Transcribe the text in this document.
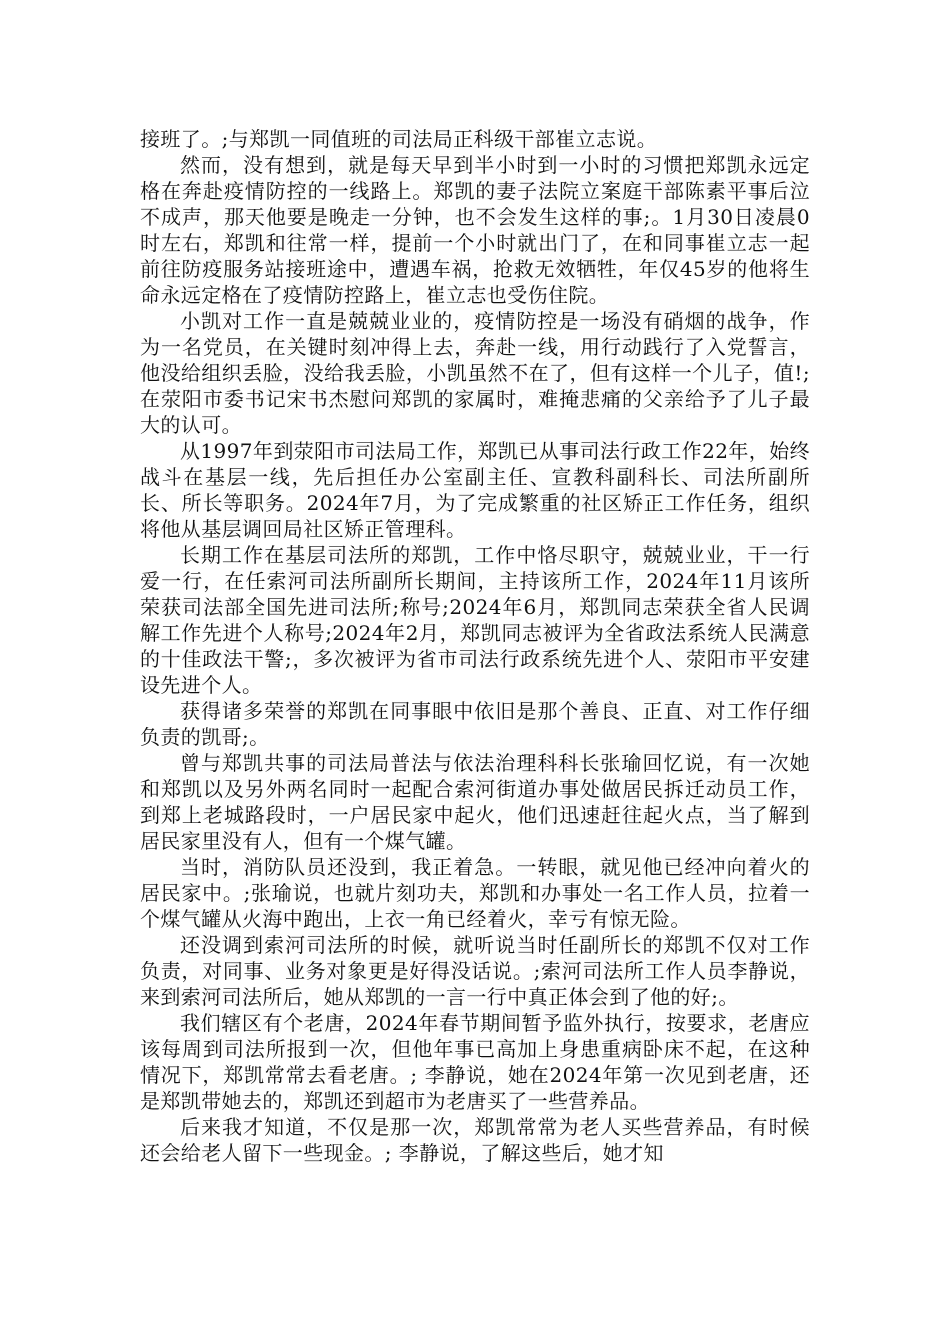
接班了。;与郑凯一同值班的司法局正科级干部崔立志说。

然而，没有想到，就是每天早到半小时到一小时的习惯把郑凯永远定格在奔赴疫情防控的一线路上。郑凯的妻子法院立案庭干部陈素平事后泣不成声，那天他要是晚走一分钟，也不会发生这样的事;。1月30日凌晨0时左右，郑凯和往常一样，提前一个小时就出门了，在和同事崔立志一起前往防疫服务站接班途中，遭遇车祸，抢救无效牺牲，年仅45岁的他将生命永远定格在了疫情防控路上，崔立志也受伤住院。

小凯对工作一直是兢兢业业的，疫情防控是一场没有硝烟的战争，作为一名党员，在关键时刻冲得上去，奔赴一线，用行动践行了入党誓言，他没给组织丢脸，没给我丢脸，小凯虽然不在了，但有这样一个儿子，值!;在荥阳市委书记宋书杰慰问郑凯的家属时，难掩悲痛的父亲给予了儿子最大的认可。

从1997年到荥阳市司法局工作，郑凯已从事司法行政工作22年，始终战斗在基层一线，先后担任办公室副主任、宣教科副科长、司法所副所长、所长等职务。2024年7月，为了完成繁重的社区矫正工作任务，组织将他从基层调回局社区矫正管理科。

长期工作在基层司法所的郑凯，工作中恪尽职守，兢兢业业，干一行爱一行，在任索河司法所副所长期间，主持该所工作，2024年11月该所荣获司法部全国先进司法所;称号;2024年6月，郑凯同志荣获全省人民调解工作先进个人称号;2024年2月，郑凯同志被评为全省政法系统人民满意的十佳政法干警;，多次被评为省市司法行政系统先进个人、荥阳市平安建设先进个人。

获得诸多荣誉的郑凯在同事眼中依旧是那个善良、正直、对工作仔细负责的凯哥;。

曾与郑凯共事的司法局普法与依法治理科科长张瑜回忆说，有一次她和郑凯以及另外两名同时一起配合索河街道办事处做居民拆迁动员工作，到郑上老城路段时，一户居民家中起火，他们迅速赶往起火点，当了解到居民家里没有人，但有一个煤气罐。

当时，消防队员还没到，我正着急。一转眼，就见他已经冲向着火的居民家中。;张瑜说，也就片刻功夫，郑凯和办事处一名工作人员，拉着一个煤气罐从火海中跑出，上衣一角已经着火，幸亏有惊无险。

还没调到索河司法所的时候，就听说当时任副所长的郑凯不仅对工作负责，对同事、业务对象更是好得没话说。;索河司法所工作人员李静说，来到索河司法所后，她从郑凯的一言一行中真正体会到了他的好;。

我们辖区有个老唐，2024年春节期间暂予监外执行，按要求，老唐应该每周到司法所报到一次，但他年事已高加上身患重病卧床不起，在这种情况下，郑凯常常去看老唐。; 李静说，她在2024年第一次见到老唐，还是郑凯带她去的，郑凯还到超市为老唐买了一些营养品。

后来我才知道，不仅是那一次，郑凯常常为老人买些营养品，有时候还会给老人留下一些现金。; 李静说，了解这些后，她才知
